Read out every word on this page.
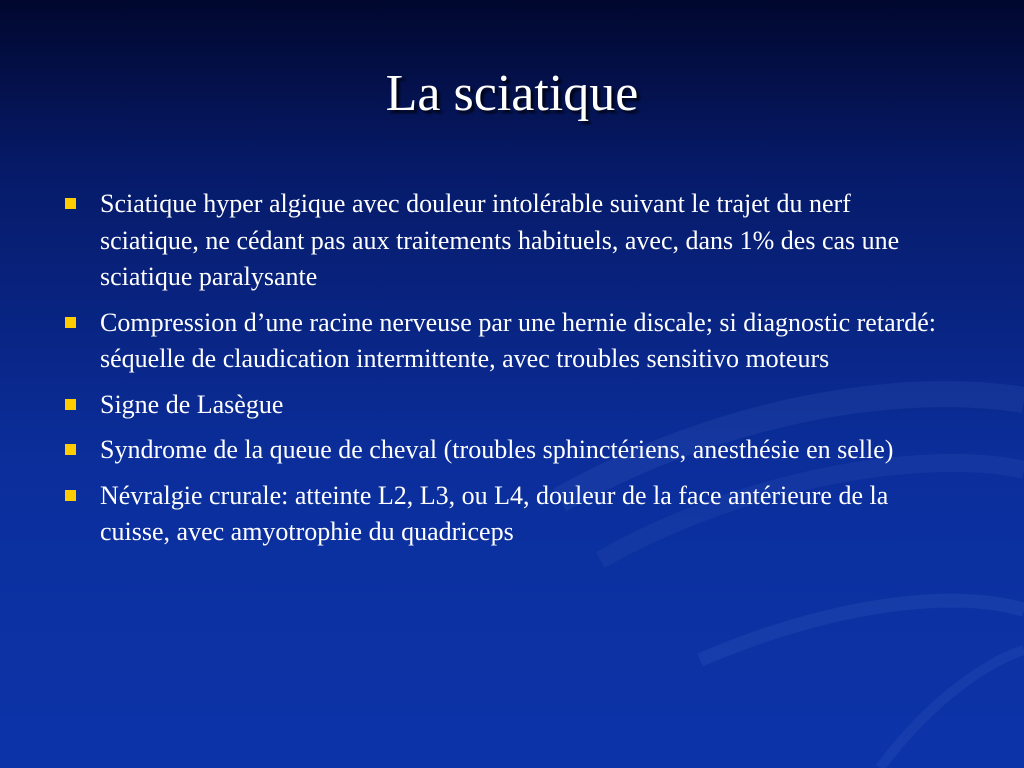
La sciatique
Sciatique hyper algique avec douleur intolérable suivant le trajet du nerf sciatique, ne cédant pas aux traitements habituels, avec, dans 1% des cas une sciatique paralysante
Compression d’une racine nerveuse par une hernie discale; si diagnostic retardé: séquelle de claudication intermittente, avec troubles sensitivo moteurs
Signe de Lasègue
Syndrome de la queue de cheval (troubles sphinctériens, anesthésie en selle)
Névralgie crurale: atteinte L2, L3, ou L4, douleur de la face antérieure de la cuisse, avec amyotrophie du quadriceps
